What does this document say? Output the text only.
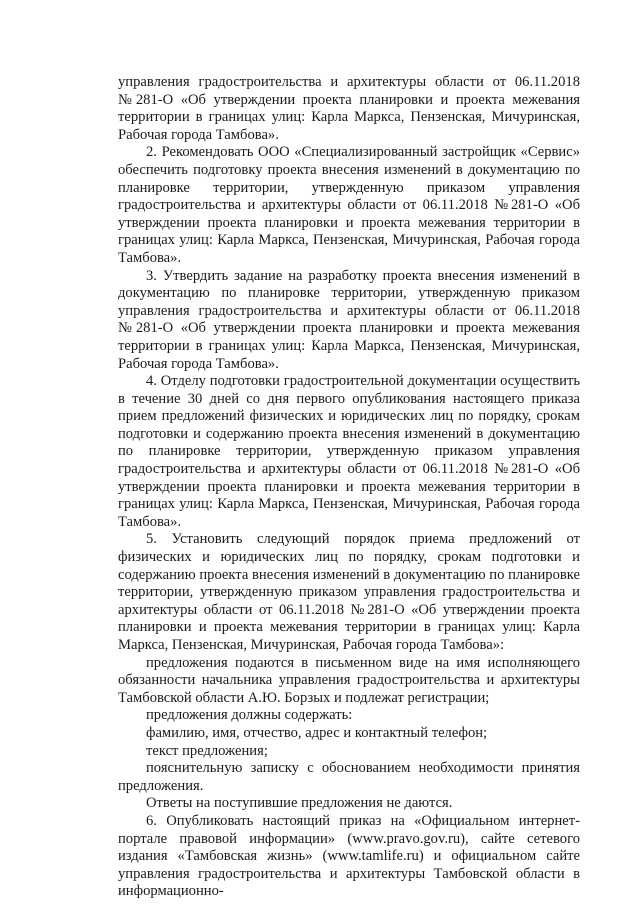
управления градостроительства и архитектуры области от 06.11.2018 №281-О «Об утверждении проекта планировки и проекта межевания территории в границах улиц: Карла Маркса, Пензенская, Мичуринская, Рабочая города Тамбова».

2. Рекомендовать ООО «Специализированный застройщик «Сервис» обеспечить подготовку проекта внесения изменений в документацию по планировке территории, утвержденную приказом управления градостроительства и архитектуры области от 06.11.2018 №281-О «Об утверждении проекта планировки и проекта межевания территории в границах улиц: Карла Маркса, Пензенская, Мичуринская, Рабочая города Тамбова».

3. Утвердить задание на разработку проекта внесения изменений в документацию по планировке территории, утвержденную приказом управления градостроительства и архитектуры области от 06.11.2018 №281-О «Об утверждении проекта планировки и проекта межевания территории в границах улиц: Карла Маркса, Пензенская, Мичуринская, Рабочая города Тамбова».

4. Отделу подготовки градостроительной документации осуществить в течение 30 дней со дня первого опубликования настоящего приказа прием предложений физических и юридических лиц по порядку, срокам подготовки и содержанию проекта внесения изменений в документацию по планировке территории, утвержденную приказом управления градостроительства и архитектуры области от 06.11.2018 №281-О «Об утверждении проекта планировки и проекта межевания территории в границах улиц: Карла Маркса, Пензенская, Мичуринская, Рабочая города Тамбова».

5. Установить следующий порядок приема предложений от физических и юридических лиц по порядку, срокам подготовки и содержанию проекта внесения изменений в документацию по планировке территории, утвержденную приказом управления градостроительства и архитектуры области от 06.11.2018 №281-О «Об утверждении проекта планировки и проекта межевания территории в границах улиц: Карла Маркса, Пензенская, Мичуринская, Рабочая города Тамбова»:

предложения подаются в письменном виде на имя исполняющего обязанности начальника управления градостроительства и архитектуры Тамбовской области А.Ю. Борзых и подлежат регистрации;

предложения должны содержать:

фамилию, имя, отчество, адрес и контактный телефон;

текст предложения;

пояснительную записку с обоснованием необходимости принятия предложения.

Ответы на поступившие предложения не даются.

6. Опубликовать настоящий приказ на «Официальном интернет-портале правовой информации» (www.pravo.gov.ru), сайте сетевого издания «Тамбовская жизнь» (www.tamlife.ru) и официальном сайте управления градостроительства и архитектуры Тамбовской области в информационно-
